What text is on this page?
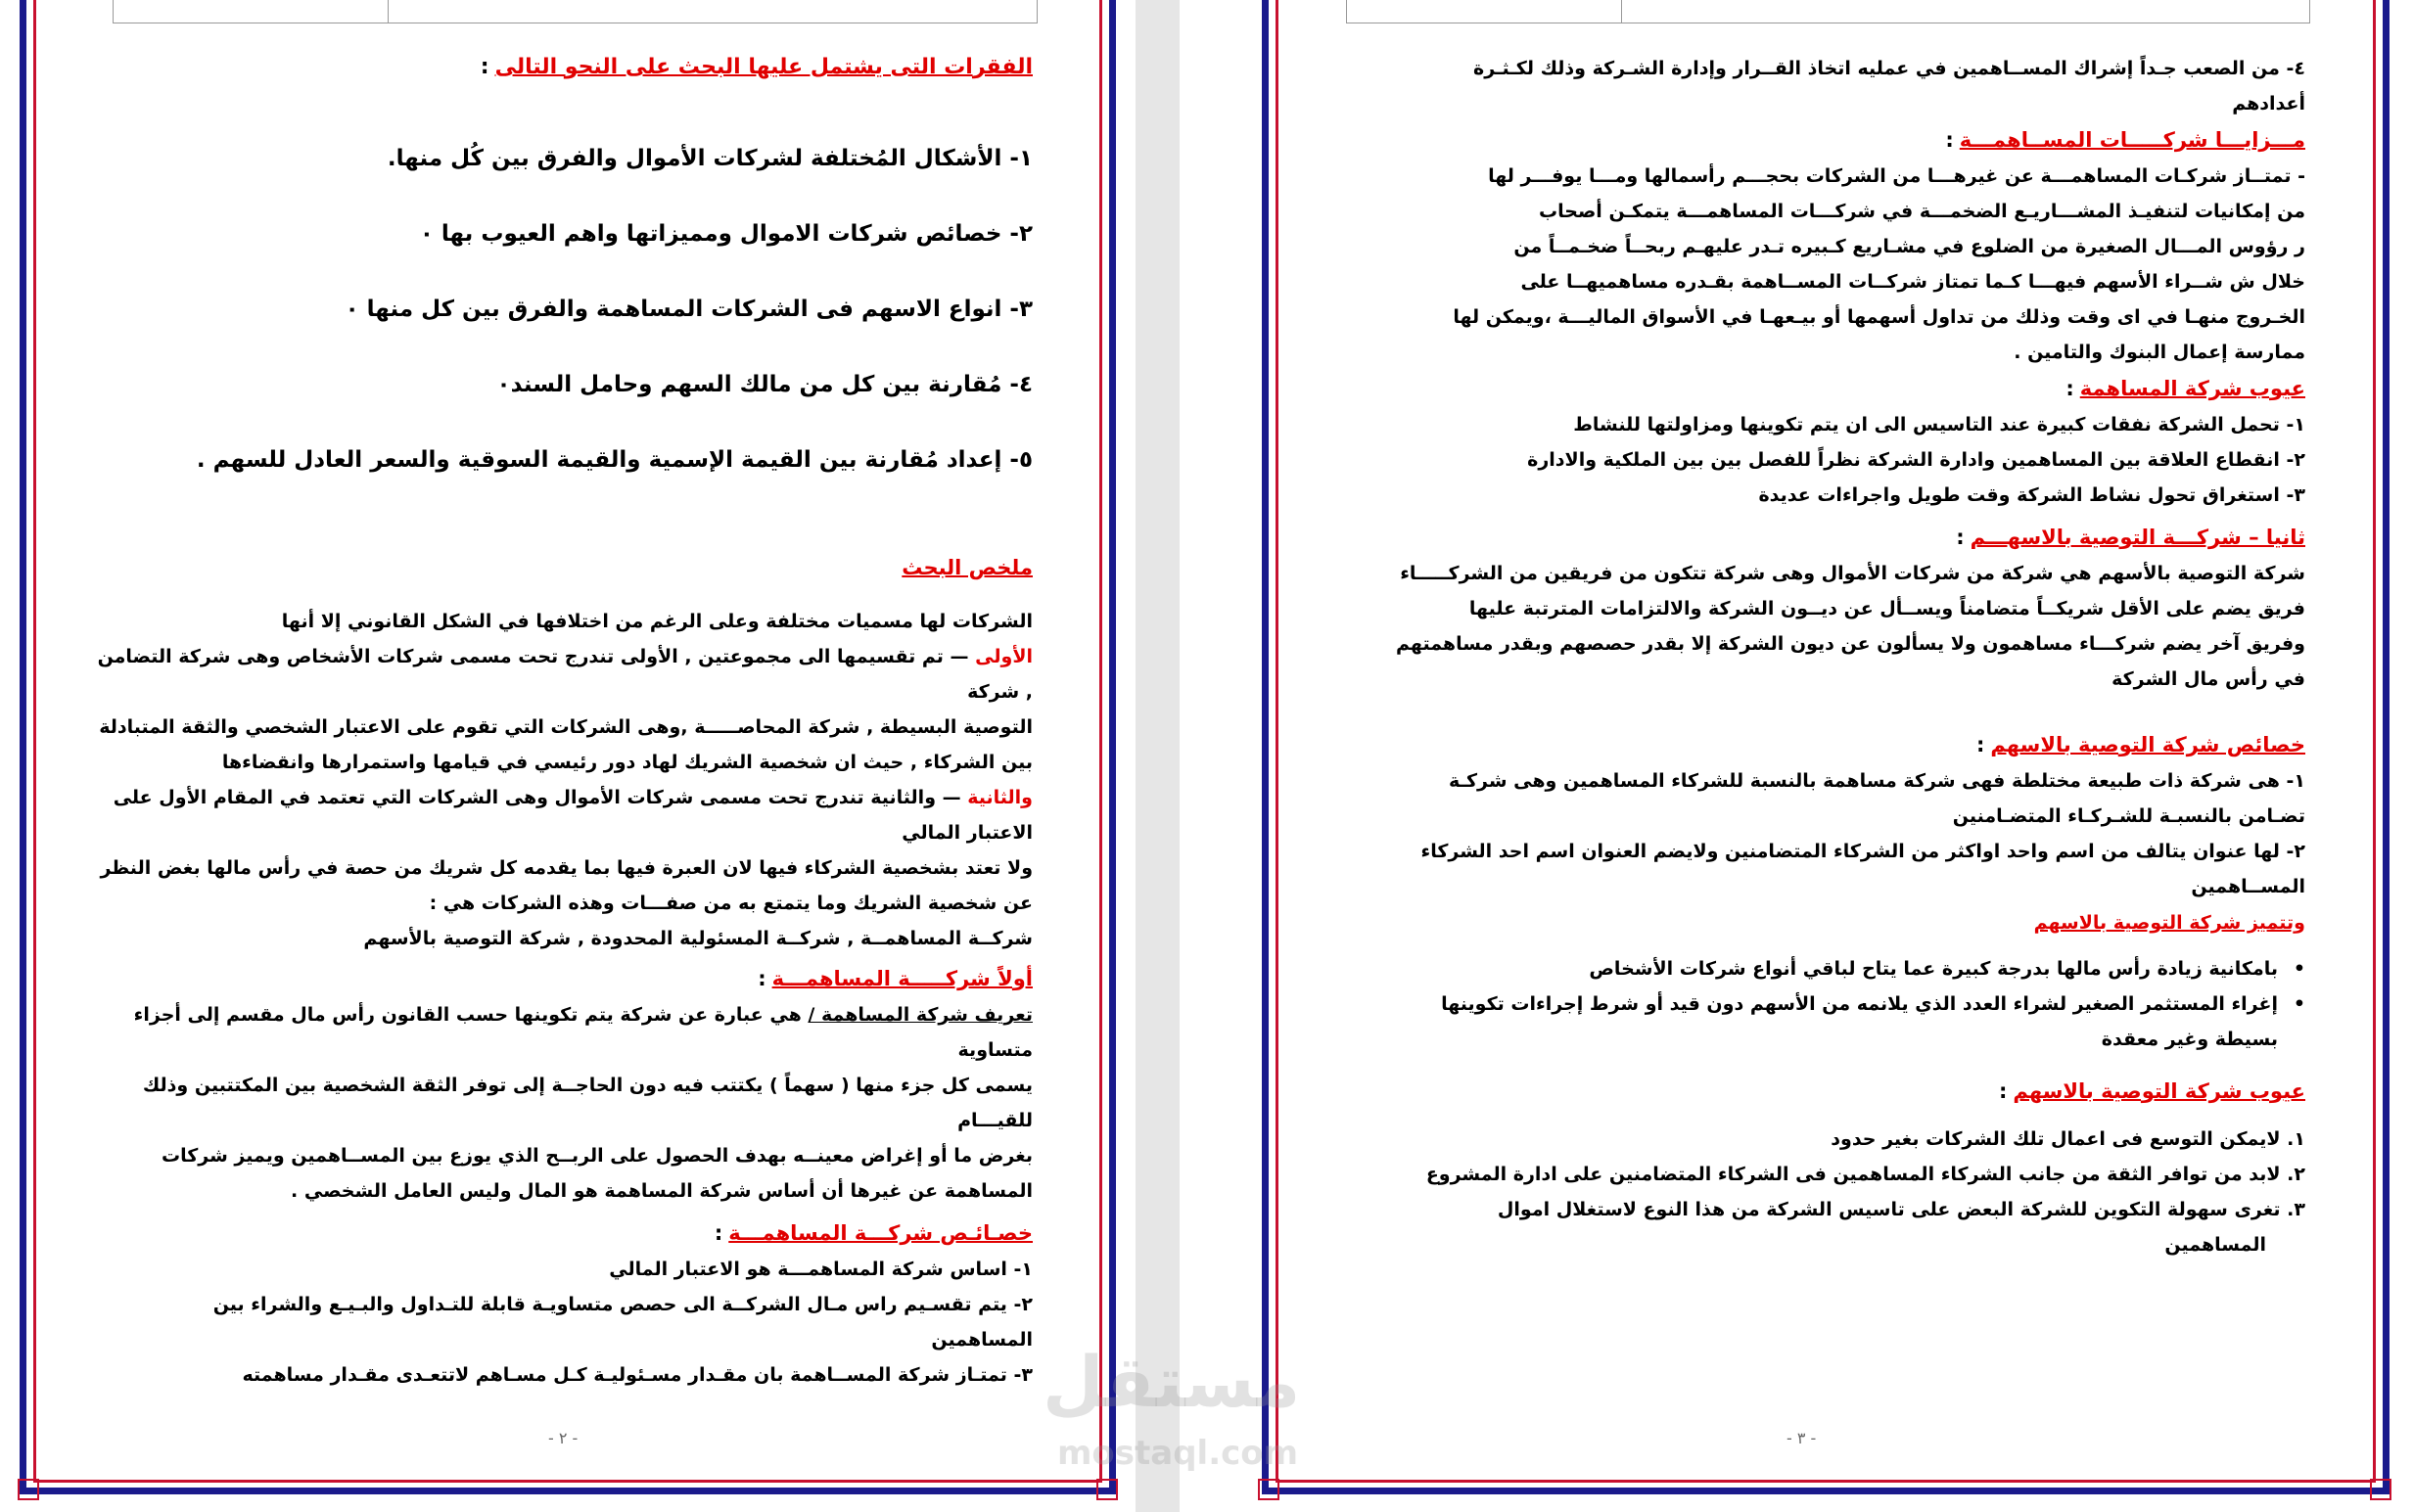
الفقرات التى يشتمل عليها البحث على النحو التالى:
١- الأشكال المُختلفة لشركات الأموال والفرق بين كُل منها.
٢- خصائص شركات الاموال ومميزاتها واهم العيوب بها ٠
٣- انواع الاسهم فى الشركات المساهمة والفرق بين كل منها ٠
٤- مُقارنة بين كل من مالك السهم وحامل السند٠
٥- إعداد مُقارنة بين القيمة الإسمية والقيمة السوقية والسعر العادل للسهم .
ملخص البحث

الشركات لها مسميات مختلفة وعلى الرغم من اختلافها في الشكل القانوني إلا أنها

الأولى — تم تقسيمها الى مجموعتين , الأولى تندرج تحت مسمى شركات الأشخاص وهى شركة التضامن , شركة

التوصية البسيطة , شركة المحاصـــــة ,وهى الشركات التي تقوم على الاعتبار الشخصي والثقة المتبادلة

بين الشركاء , حيث ان شخصية الشريك لهاد دور رئيسي في قيامها واستمرارها وانقضاءها

والثانية — والثانية تندرج تحت مسمى شركات الأموال وهى الشركات التي تعتمد في المقام الأول على الاعتبار المالي

ولا تعتد بشخصية الشركاء فيها لان العبرة فيها بما يقدمه كل شريك من حصة في رأس مالها بغض النظر

عن شخصية الشريك وما يتمتع به من صفـــات وهذه الشركات هي :

شركــة المساهمــة , شركــة المسئولية المحدودة , شركة التوصية بالأسهم

أولاً شركـــــة المساهمـــة:

تعريف شركة المساهمة / هي عبارة عن شركة يتم تكوينها حسب القانون رأس مال مقسم إلى أجزاء

متساوية

يسمى كل جزء منها ( سهماً ) يكتتب فيه دون الحاجــة إلى توفر الثقة الشخصية بين المكتتبين وذلك

للقيـــام

بغرض ما أو إغراض معينــه بهدف الحصول على الربــح الذي يوزع بين المســاهمين ويميز شركات

المساهمة عن غيرها أن أساس شركة المساهمة هو المال وليس العامل الشخصي .

خصـائـص شركـــة المساهمـــة:

١- اساس شركة المساهمـــة هو الاعتبار المالي

٢- يتم تقسـيم راس مـال الشركــة الى حصص متساويـة قابلة للتـداول والبـيـع والشراء بين

المساهمين

٣- تمتـاز شركة المســاهمة بان مقـدار مسـئوليـة كـل مسـاهم لاتتعـدى مقـدار مساهمته

- ٢ -

٤- من الصعب جـداً إشراك المســاهمين في عمليه اتخاذ القــرار وإدارة الشـركة وذلك لكـثـرة

أعدادهم

مـــزايـــا شركـــــات المســاهمـــة:

- تمتــاز شركـات المساهمـــة عن غيرهـــا من الشركات بحجـــم رأسمالها ومـــا يوفـــر لها

من إمكانيات لتنفيـذ المشـــاريـع الضخمـــة في شركـــات المساهمـــة يتمكـن أصحاب

ر رؤوس المـــال الصغيرة من الضلوع في مشـاريع كـبيره تـدر عليهـم ربحــاً ضخـمــاً من

خلال ش شــراء الأسهم فيهـــا كـما تمتاز شركــات المســاهمة بقـدره مساهميهــا على

الخـروج منهـا في اى وقت وذلك من تداول أسهمها أو بيـعهـا في الأسواق الماليـــة ،ويمكن لها

ممارسة إعمال البنوك والتامين .

عيوب شركة المساهمة:

١- تحمل الشركة نفقات كبيرة عند التاسيس الى ان يتم تكوينها ومزاولتها للنشاط

٢- انقطاع العلاقة بين المساهمين وادارة الشركة نظراً للفصل بين بين الملكية والادارة

٣- استغراق تحول نشاط الشركة وقت طويل واجراءات عديدة

ثانيا – شركـــة التوصية بالاسهـــم:

شركة التوصية بالأسهم هي شركة من شركات الأموال وهى شركة تتكون من فريقين من الشركـــــاء

فريق يضم على الأقل شريكــاً متضامناً ويســأل عن ديــون الشركة والالتزامات المترتبة عليها

وفريق آخر يضم شركـــاء مساهمون ولا يسألون عن ديون الشركة إلا بقدر حصصهم وبقدر مساهمتهم

في رأس مال الشركة

خصائص شركة التوصية بالاسهم:

١- هى شركة ذات طبيعة مختلطة فهى شركة مساهمة بالنسبة للشركاء المساهمين وهى شركـة

تضـامن بالنسبـة للشـركـاء المتضـامنين

٢- لها عنوان يتالف من اسم واحد اواكثر من الشركاء المتضامنين ولايضم العنوان اسم احد الشركاء

المســاهمين

وتتميز شركة التوصية بالاسهم
•
بامكانية زيادة رأس مالها بدرجة كبيرة عما يتاح لباقي أنواع شركات الأشخاص
•
إغراء المستثمر الصغير لشراء العدد الذي يلانمه من الأسهم دون قيد أو شرط إجراءات تكوينها
بسيطة وغير معقدة
عيوب شركة التوصية بالاسهم:
١. لايمكن التوسع فى اعمال تلك الشركات بغير حدود
٢. لابد من توافر الثقة من جانب الشركاء المساهمين فى الشركاء المتضامنين على ادارة المشروع
٣. تغرى سهولة التكوين للشركة البعض على تاسيس الشركة من هذا النوع لاستغلال اموال
المساهمين
- ٣ -
مستقل
mostaql.com
